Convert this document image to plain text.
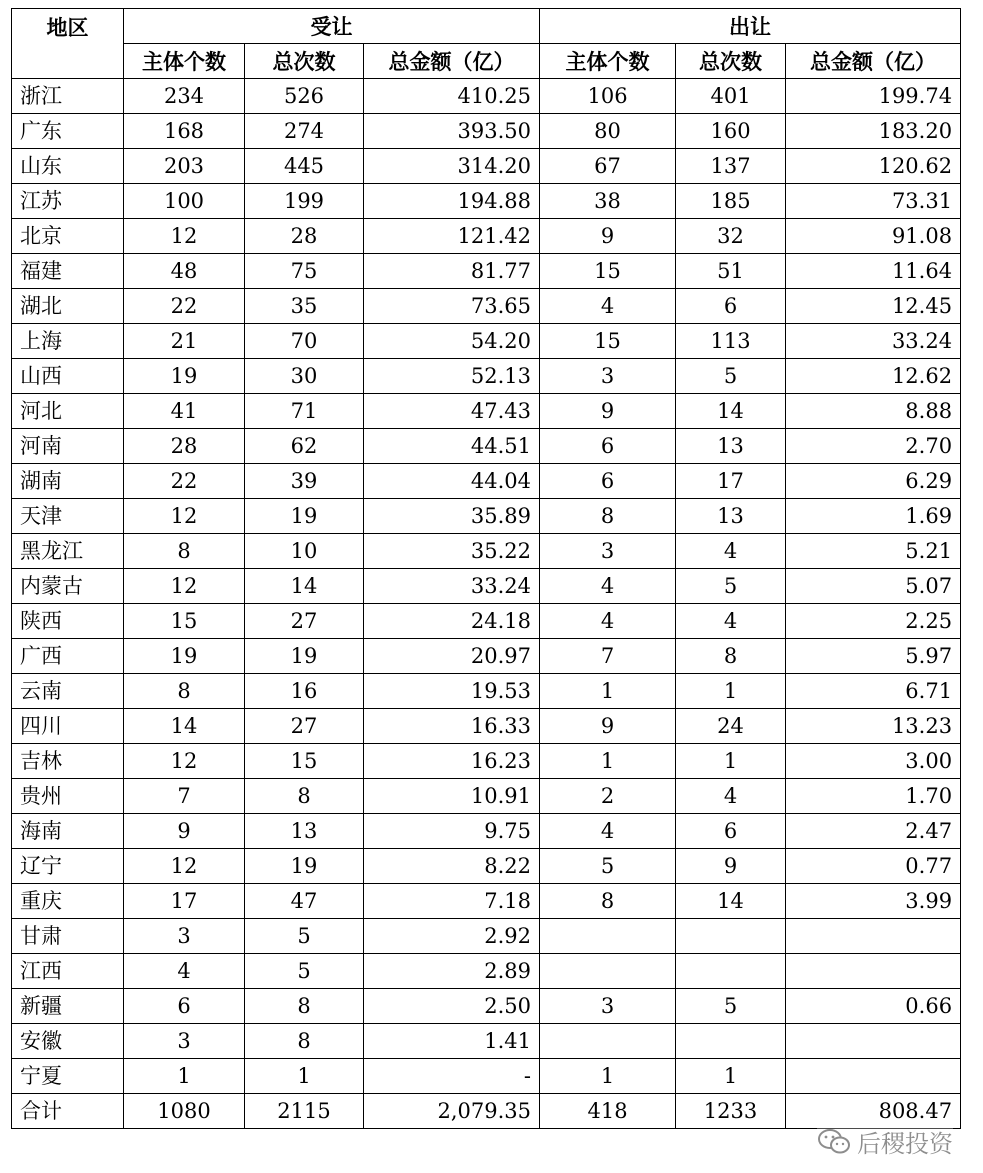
地区	受让			出让		
	主体个数	总次数	总金额（亿）	主体个数	总次数	总金额（亿）
浙江	234	526	410.25	106	401	199.74
广东	168	274	393.50	80	160	183.20
山东	203	445	314.20	67	137	120.62
江苏	100	199	194.88	38	185	73.31
北京	12	28	121.42	9	32	91.08
福建	48	75	81.77	15	51	11.64
湖北	22	35	73.65	4	6	12.45
上海	21	70	54.20	15	113	33.24
山西	19	30	52.13	3	5	12.62
河北	41	71	47.43	9	14	8.88
河南	28	62	44.51	6	13	2.70
湖南	22	39	44.04	6	17	6.29
天津	12	19	35.89	8	13	1.69
黑龙江	8	10	35.22	3	4	5.21
内蒙古	12	14	33.24	4	5	5.07
陕西	15	27	24.18	4	4	2.25
广西	19	19	20.97	7	8	5.97
云南	8	16	19.53	1	1	6.71
四川	14	27	16.33	9	24	13.23
吉林	12	15	16.23	1	1	3.00
贵州	7	8	10.91	2	4	1.70
海南	9	13	9.75	4	6	2.47
辽宁	12	19	8.22	5	9	0.77
重庆	17	47	7.18	8	14	3.99
甘肃	3	5	2.92			
江西	4	5	2.89			
新疆	6	8	2.50	3	5	0.66
安徽	3	8	1.41			
宁夏	1	1	-	1	1	
合计	1080	2115	2,079.35	418	1233	808.47
后稷投资
